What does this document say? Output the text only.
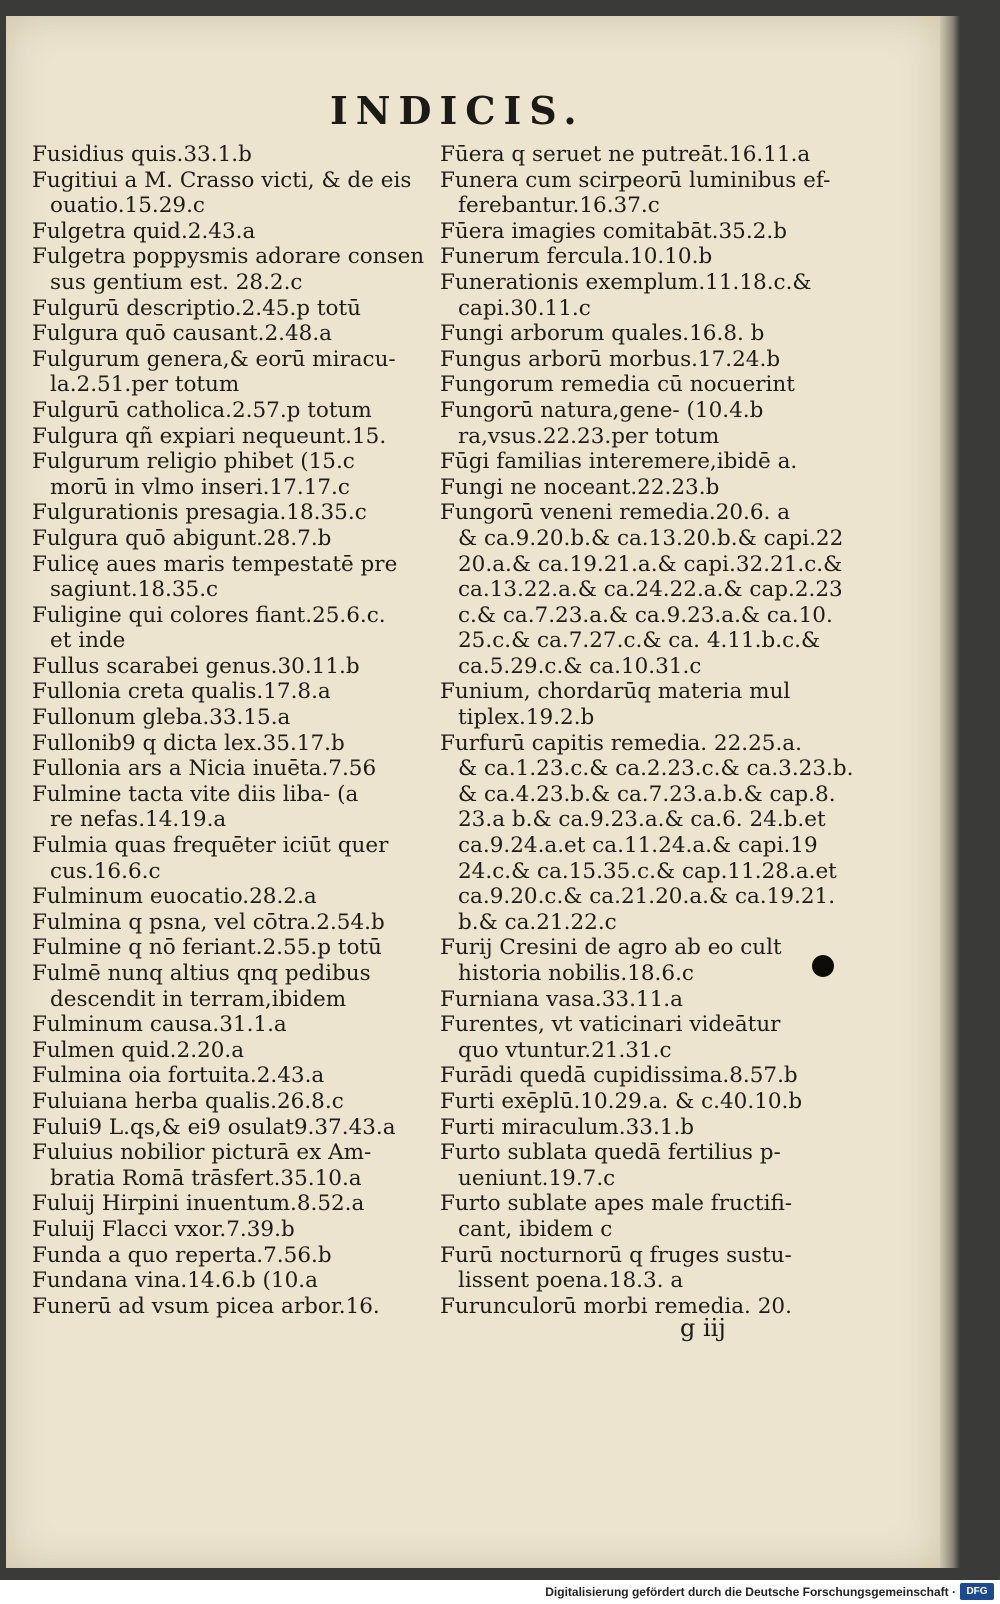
INDICIS.
Fusidius quis.33.1.b
Fugitiui a M. Crasso victi, & de eis
ouatio.15.29.c
Fulgetra quid.2.43.a
Fulgetra poppysmis adorare consen
sus gentium est. 28.2.c
Fulgurū descriptio.2.45.p totū
Fulgura quō causant.2.48.a
Fulgurum genera,& eorū miracu-
la.2.51.per totum
Fulgurū catholica.2.57.p totum
Fulgura qñ expiari nequeunt.15.
Fulgurum religio phibet (15.c
morū in vlmo inseri.17.17.c
Fulgurationis presagia.18.35.c
Fulgura quō abigunt.28.7.b
Fulicę aues maris tempestatē pre
sagiunt.18.35.c
Fuligine qui colores fiant.25.6.c.
et inde
Fullus scarabei genus.30.11.b
Fullonia creta qualis.17.8.a
Fullonum gleba.33.15.a
Fullonib9 q dicta lex.35.17.b
Fullonia ars a Nicia inuēta.7.56
Fulmine tacta vite diis liba- (a
re nefas.14.19.a
Fulmia quas frequēter iciūt quer
cus.16.6.c
Fulminum euocatio.28.2.a
Fulmina q psna, vel cōtra.2.54.b
Fulmine q nō feriant.2.55.p totū
Fulmē nunq altius qnq pedibus
descendit in terram,ibidem
Fulminum causa.31.1.a
Fulmen quid.2.20.a
Fulmina oia fortuita.2.43.a
Fuluiana herba qualis.26.8.c
Fului9 L.qs,& ei9 osulat9.37.43.a
Fuluius nobilior picturā ex Am-
bratia Romā trāsfert.35.10.a
Fuluij Hirpini inuentum.8.52.a
Fuluij Flacci vxor.7.39.b
Funda a quo reperta.7.56.b
Fundana vina.14.6.b (10.a
Funerū ad vsum picea arbor.16.
Fūera q seruet ne putreāt.16.11.a
Funera cum scirpeorū luminibus ef-
ferebantur.16.37.c
Fūera imagies comitabāt.35.2.b
Funerum fercula.10.10.b
Funerationis exemplum.11.18.c.&
capi.30.11.c
Fungi arborum quales.16.8. b
Fungus arborū morbus.17.24.b
Fungorum remedia cū nocuerint
Fungorū natura,gene- (10.4.b
ra,vsus.22.23.per totum
Fūgi familias interemere,ibidē a.
Fungi ne noceant.22.23.b
Fungorū veneni remedia.20.6. a
& ca.9.20.b.& ca.13.20.b.& capi.22
20.a.& ca.19.21.a.& capi.32.21.c.&
ca.13.22.a.& ca.24.22.a.& cap.2.23
c.& ca.7.23.a.& ca.9.23.a.& ca.10.
25.c.& ca.7.27.c.& ca. 4.11.b.c.&
ca.5.29.c.& ca.10.31.c
Funium, chordarūq materia mul
tiplex.19.2.b
Furfurū capitis remedia. 22.25.a.
& ca.1.23.c.& ca.2.23.c.& ca.3.23.b.
& ca.4.23.b.& ca.7.23.a.b.& cap.8.
23.a b.& ca.9.23.a.& ca.6. 24.b.et
ca.9.24.a.et ca.11.24.a.& capi.19
24.c.& ca.15.35.c.& cap.11.28.a.et
ca.9.20.c.& ca.21.20.a.& ca.19.21.
b.& ca.21.22.c
Furij Cresini de agro ab eo cult
historia nobilis.18.6.c
Furniana vasa.33.11.a
Furentes, vt vaticinari videātur
quo vtuntur.21.31.c
Furādi quedā cupidissima.8.57.b
Furti exēplū.10.29.a. & c.40.10.b
Furti miraculum.33.1.b
Furto sublata quedā fertilius p-
ueniunt.19.7.c
Furto sublate apes male fructifi-
cant, ibidem c
Furū nocturnorū q fruges sustu-
lissent poena.18.3. a
Furunculorū morbi remedia. 20.
g iij
Digitalisierung gefördert durch die Deutsche Forschungsgemeinschaft ·	DFG
